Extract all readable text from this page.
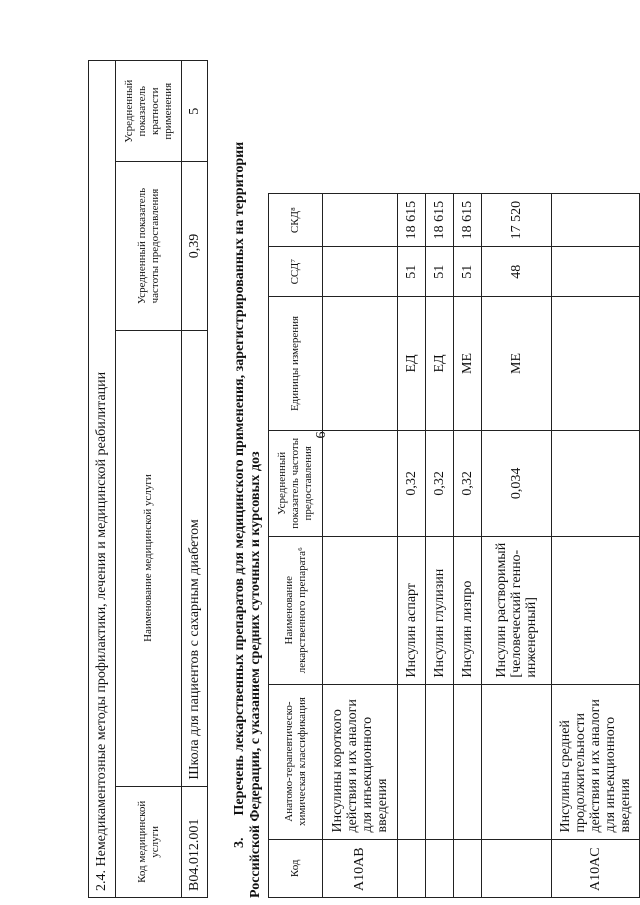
6
2.4. Немедикаментозные методы профилактики, лечения и медицинской реабилитации			
Код медицинской услуги	Наименование медицинской услуги	Усредненный показатель частоты предоставления	Усредненный показатель кратности применения
B04.012.001	Школа для пациентов с сахарным диабетом	0,39	5
3.Перечень лекарственных препаратов для медицинского применения, зарегистрированных на территории
Российской Федерации, с указанием средних суточных и курсовых доз Код	Анатомо-терапевтическо-химическая классификация	Наименование лекарственного препарата⁶	Усредненный показатель частоты предоставления	Единицы измерения	ССД⁷	СКД⁸
A10AB	Инсулины короткого действия и их аналоги для инъекционного введения					
		Инсулин аспарт	0,32	ЕД	51	18 615
		Инсулин глулизин	0,32	ЕД	51	18 615
		Инсулин лизпро	0,32	МЕ	51	18 615
		Инсулин растворимый [человеческий генно-инженерный]	0,034	МЕ	48	17 520
A10AC	Инсулины средней продолжительности действия и их аналоги для инъекционного введения					
